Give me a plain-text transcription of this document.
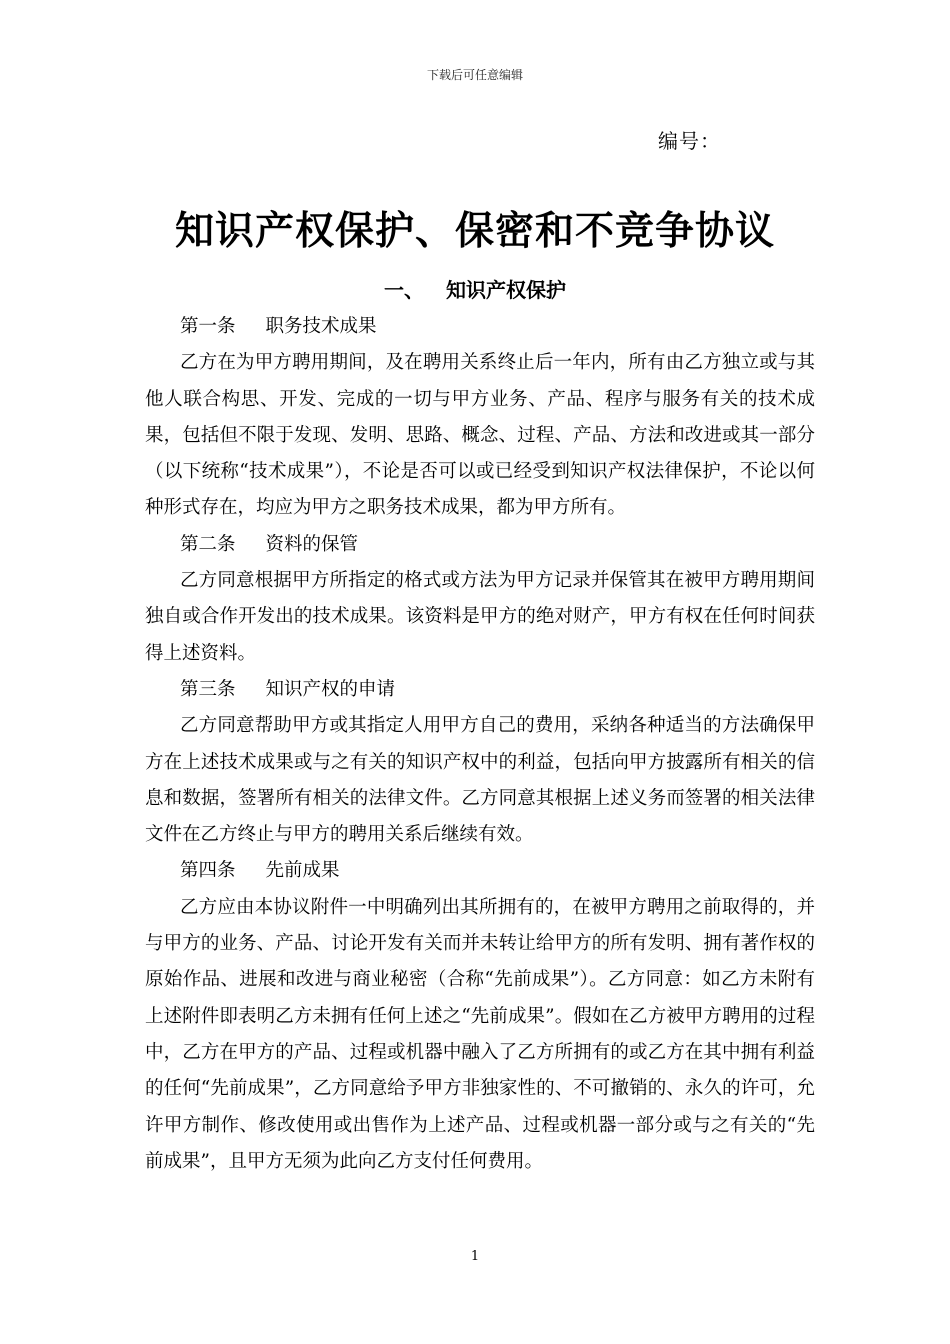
下载后可任意编辑
编号：
知识产权保护、保密和不竞争协议
一、 知识产权保护
第一条 职务技术成果

乙方在为甲方聘用期间，及在聘用关系终止后一年内，所有由乙方独立或与其他人联合构思、开发、完成的一切与甲方业务、产品、程序与服务有关的技术成果，包括但不限于发现、发明、思路、概念、过程、产品、方法和改进或其一部分（以下统称“技术成果”），不论是否可以或已经受到知识产权法律保护，不论以何种形式存在，均应为甲方之职务技术成果，都为甲方所有。

第二条 资料的保管

乙方同意根据甲方所指定的格式或方法为甲方记录并保管其在被甲方聘用期间独自或合作开发出的技术成果。该资料是甲方的绝对财产，甲方有权在任何时间获得上述资料。

第三条 知识产权的申请

乙方同意帮助甲方或其指定人用甲方自己的费用，采纳各种适当的方法确保甲方在上述技术成果或与之有关的知识产权中的利益，包括向甲方披露所有相关的信息和数据，签署所有相关的法律文件。乙方同意其根据上述义务而签署的相关法律文件在乙方终止与甲方的聘用关系后继续有效。

第四条 先前成果

乙方应由本协议附件一中明确列出其所拥有的，在被甲方聘用之前取得的，并与甲方的业务、产品、讨论开发有关而并未转让给甲方的所有发明、拥有著作权的原始作品、进展和改进与商业秘密（合称“先前成果”）。乙方同意：如乙方未附有上述附件即表明乙方未拥有任何上述之“先前成果”。假如在乙方被甲方聘用的过程中，乙方在甲方的产品、过程或机器中融入了乙方所拥有的或乙方在其中拥有利益的任何“先前成果”，乙方同意给予甲方非独家性的、不可撤销的、永久的许可，允许甲方制作、修改使用或出售作为上述产品、过程或机器一部分或与之有关的“先前成果”，且甲方无须为此向乙方支付任何费用。

1
